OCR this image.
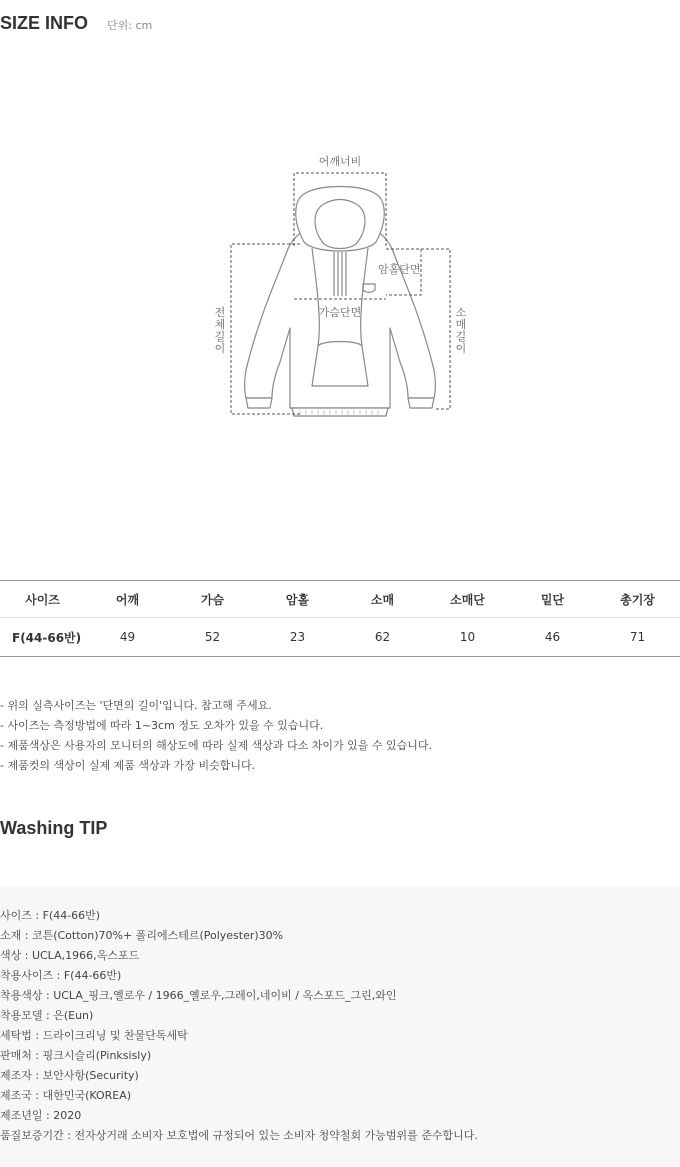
SIZE INFO 단위: cm
어깨너비
암홀단면
가슴단면
전
체
길
이
소
매
길
이
사이즈	어깨	가슴	암홀	소매	소매단	밑단	총기장
F(44-66반)	49	52	23	62	10	46	71
- 위의 실측사이즈는 '단면의 길이'입니다. 참고해 주세요.
- 사이즈는 측정방법에 따라 1~3cm 정도 오차가 있을 수 있습니다.
- 제품색상은 사용자의 모니터의 해상도에 따라 실제 색상과 다소 차이가 있을 수 있습니다.
- 제품컷의 색상이 실제 제품 색상과 가장 비슷합니다.
Washing TIP
사이즈 : F(44-66반)
소재 : 코튼(Cotton)70%+ 폴리에스테르(Polyester)30%
색상 : UCLA,1966,옥스포드
착용사이즈 : F(44-66반)
착용색상 : UCLA_핑크,옐로우 / 1966_옐로우,그레이,네이비 / 옥스포드_그린,와인
착용모델 : 은(Eun)
세탁법 : 드라이크리닝 및 찬물단독세탁
판매처 : 핑크시슬리(Pinksisly)
제조자 : 보안사항(Security)
제조국 : 대한민국(KOREA)
제조년일 : 2020
품질보증기간 : 전자상거래 소비자 보호법에 규정되어 있는 소비자 청약철회 가능범위를 준수합니다.
